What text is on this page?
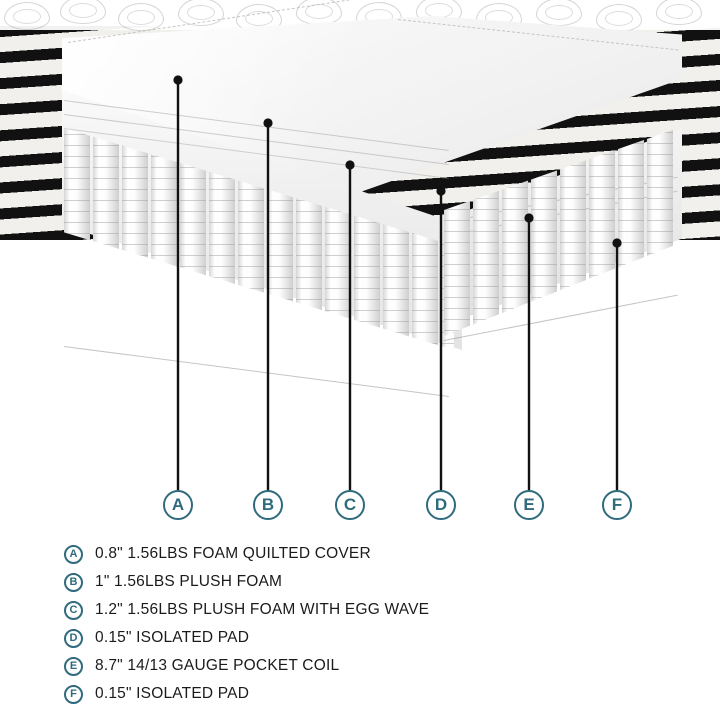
A	B	C	D	E	F
A	0.8" 1.56LBS FOAM QUILTED COVER
B	1" 1.56LBS PLUSH FOAM
C	1.2" 1.56LBS PLUSH FOAM WITH EGG WAVE
D	0.15" ISOLATED PAD
E	8.7" 14/13 GAUGE POCKET COIL
F	0.15" ISOLATED PAD
